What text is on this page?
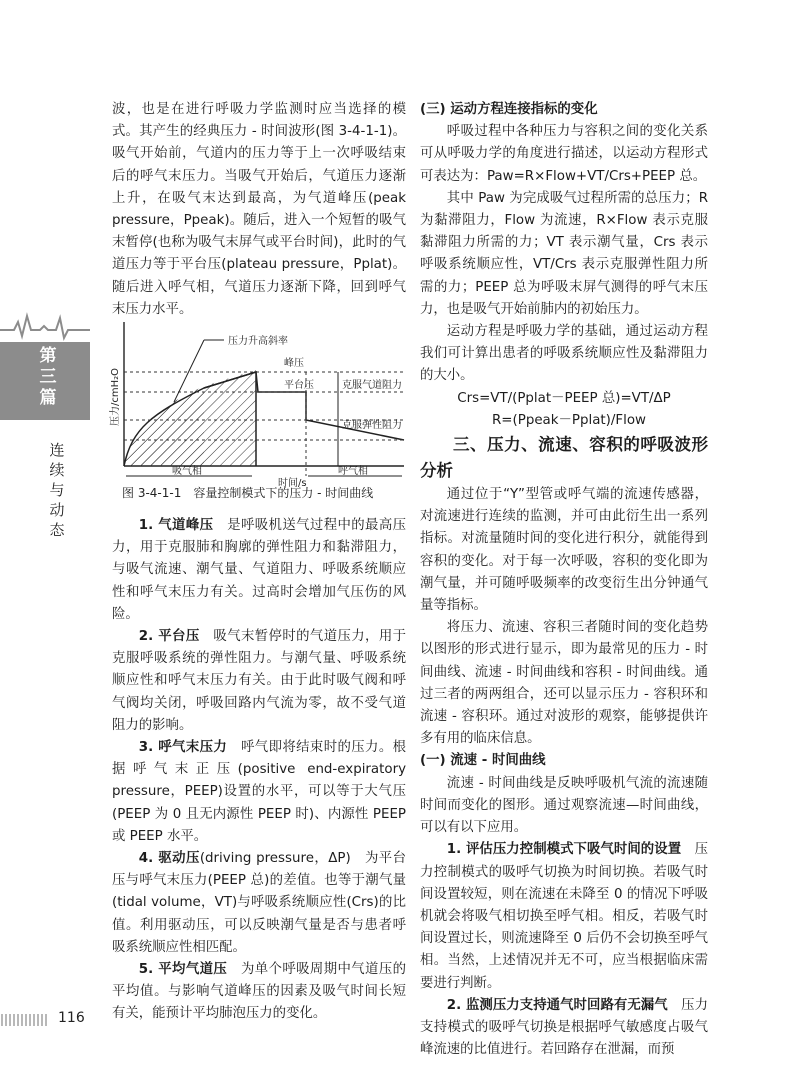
第三篇
连续与动态

波，也是在进行呼吸力学监测时应当选择的模式。其产生的经典压力 - 时间波形(图 3-4-1-1)。吸气开始前，气道内的压力等于上一次呼吸结束后的呼气末压力。当吸气开始后，气道压力逐渐上升，在吸气末达到最高，为气道峰压(peak pressure，Ppeak)。随后，进入一个短暂的吸气末暂停(也称为吸气末屏气或平台时间)，此时的气道压力等于平台压(plateau pressure，Pplat)。随后进入呼气相，气道压力逐渐下降，回到呼气末压力水平。

1. 气道峰压　 是呼吸机送气过程中的最高压力，用于克服肺和胸廓的弹性阻力和黏滞阻力，与吸气流速、潮气量、气道阻力、呼吸系统顺应性和呼气末压力有关。过高时会增加气压伤的风险。

2. 平台压　 吸气末暂停时的气道压力，用于克服呼吸系统的弹性阻力。与潮气量、呼吸系统顺应性和呼气末压力有关。由于此时吸气阀和呼气阀均关闭，呼吸回路内气流为零，故不受气道阻力的影响。

3. 呼气末压力　 呼气即将结束时的压力。根据呼气末正压(positive end-expiratory pressure，PEEP)设置的水平，可以等于大气压(PEEP 为 0 且无内源性 PEEP 时)、内源性 PEEP 或 PEEP 水平。

4. 驱动压(driving pressure，ΔP)　为平台压与呼气末压力(PEEP 总)的差值。也等于潮气量(tidal volume，VT)与呼吸系统顺应性(Crs)的比值。利用驱动压，可以反映潮气量是否与患者呼吸系统顺应性相匹配。

5. 平均气道压　 为单个呼吸周期中气道压的平均值。与影响气道峰压的因素及吸气时间长短有关，能预计平均肺泡压力的变化。

压力升高斜率
峰压
平台压	克服气道阻力
克服弹性阻力
吸气相	呼气相
时间/s
压力/cmH₂O
图 3-4-1-1　容量控制模式下的压力 - 时间曲线

(三) 运动方程连接指标的变化

呼吸过程中各种压力与容积之间的变化关系可从呼吸力学的角度进行描述，以运动方程形式可表达为：Paw=R×Flow+VT/Crs+PEEP 总。

其中 Paw 为完成吸气过程所需的总压力；R 为黏滞阻力，Flow 为流速，R×Flow 表示克服黏滞阻力所需的力；VT 表示潮气量，Crs 表示呼吸系统顺应性，VT/Crs 表示克服弹性阻力所需的力；PEEP 总为呼吸末屏气测得的呼气末压力，也是吸气开始前肺内的初始压力。

运动方程是呼吸力学的基础，通过运动方程我们可计算出患者的呼吸系统顺应性及黏滞阻力的大小。

Crs=VT/(Pplat－PEEP 总)=VT/ΔP

R=(Ppeak－Pplat)/Flow

三、压力、流速、容积的呼吸波形分析

通过位于“Y”型管或呼气端的流速传感器，对流速进行连续的监测，并可由此衍生出一系列指标。对流量随时间的变化进行积分，就能得到容积的变化。对于每一次呼吸，容积的变化即为潮气量，并可随呼吸频率的改变衍生出分钟通气量等指标。

将压力、流速、容积三者随时间的变化趋势以图形的形式进行显示，即为最常见的压力 - 时间曲线、流速 - 时间曲线和容积 - 时间曲线。通过三者的两两组合，还可以显示压力 - 容积环和流速 - 容积环。通过对波形的观察，能够提供许多有用的临床信息。

(一) 流速 - 时间曲线

流速 - 时间曲线是反映呼吸机气流的流速随时间而变化的图形。通过观察流速—时间曲线，可以有以下应用。

1. 评估压力控制模式下吸气时间的设置　 压力控制模式的吸呼气切换为时间切换。若吸气时间设置较短，则在流速在未降至 0 的情况下呼吸机就会将吸气相切换至呼气相。相反，若吸气时间设置过长，则流速降至 0 后仍不会切换至呼气相。当然，上述情况并无不可，应当根据临床需要进行判断。

2. 监测压力支持通气时回路有无漏气　 压力支持模式的吸呼气切换是根据呼气敏感度占吸气峰流速的比值进行。若回路存在泄漏，而预

116
